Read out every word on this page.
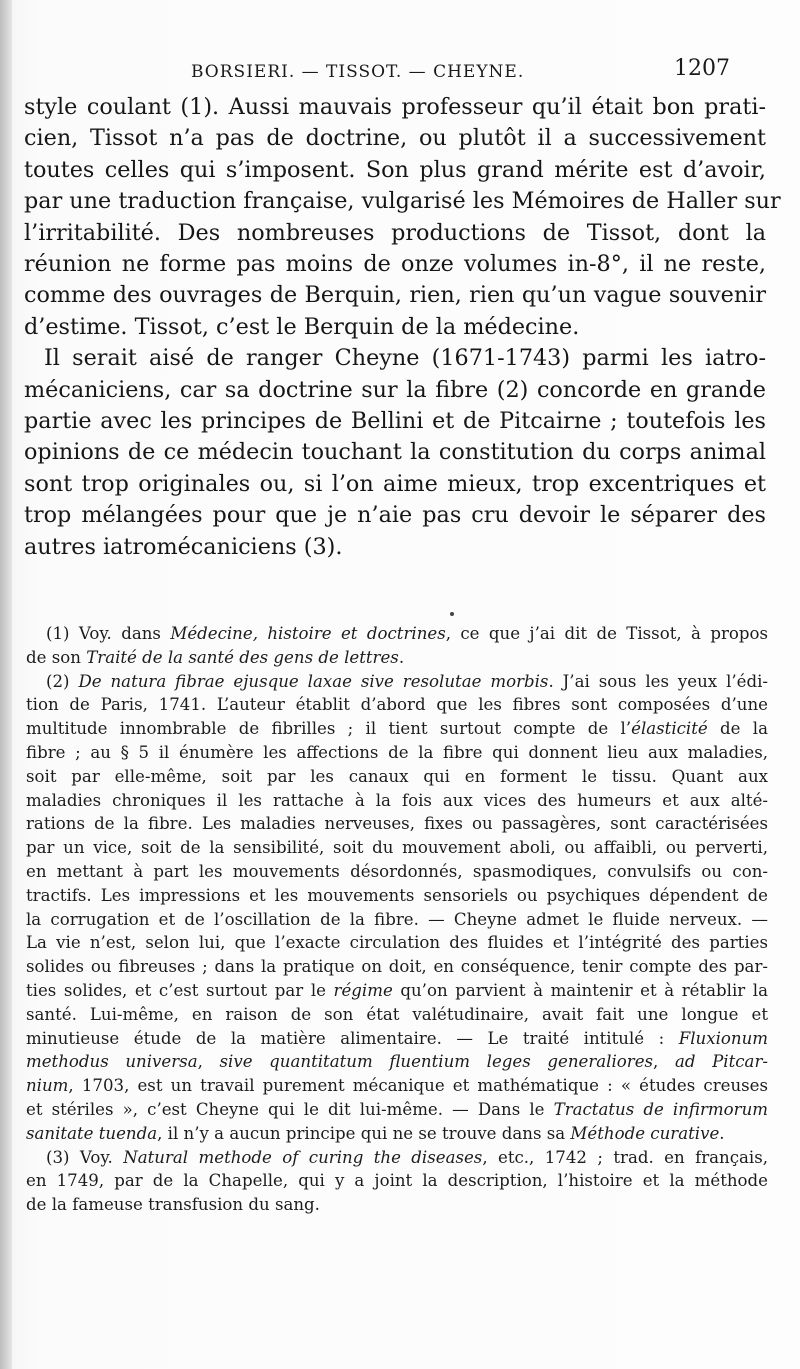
BORSIERI. — TISSOT. — CHEYNE.	1207

style coulant (1). Aussi mauvais professeur qu’il était bon prati-
cien, Tissot n’a pas de doctrine, ou plutôt il a successivement
toutes celles qui s’imposent. Son plus grand mérite est d’avoir,
par une traduction française, vulgarisé les Mémoires de Haller sur
l’irritabilité. Des nombreuses productions de Tissot, dont la
réunion ne forme pas moins de onze volumes in-8°, il ne reste,
comme des ouvrages de Berquin, rien, rien qu’un vague souvenir
d’estime. Tissot, c’est le Berquin de la médecine.

Il serait aisé de ranger Cheyne (1671-1743) parmi les iatro-
mécaniciens, car sa doctrine sur la fibre (2) concorde en grande
partie avec les principes de Bellini et de Pitcairne ; toutefois les
opinions de ce médecin touchant la constitution du corps animal
sont trop originales ou, si l’on aime mieux, trop excentriques et
trop mélangées pour que je n’aie pas cru devoir le séparer des
autres iatromécaniciens (3).

(1) Voy. dans Médecine, histoire et doctrines, ce que j’ai dit de Tissot, à propos
de son Traité de la santé des gens de lettres.

(2) De natura fibrae ejusque laxae sive resolutae morbis. J’ai sous les yeux l’édi-
tion de Paris, 1741. L’auteur établit d’abord que les fibres sont composées d’une
multitude innombrable de fibrilles ; il tient surtout compte de l’élasticité de la
fibre ; au § 5 il énumère les affections de la fibre qui donnent lieu aux maladies,
soit par elle-même, soit par les canaux qui en forment le tissu. Quant aux
maladies chroniques il les rattache à la fois aux vices des humeurs et aux alté-
rations de la fibre. Les maladies nerveuses, fixes ou passagères, sont caractérisées
par un vice, soit de la sensibilité, soit du mouvement aboli, ou affaibli, ou perverti,
en mettant à part les mouvements désordonnés, spasmodiques, convulsifs ou con-
tractifs. Les impressions et les mouvements sensoriels ou psychiques dépendent de
la corrugation et de l’oscillation de la fibre. — Cheyne admet le fluide nerveux. —
La vie n’est, selon lui, que l’exacte circulation des fluides et l’intégrité des parties
solides ou fibreuses ; dans la pratique on doit, en conséquence, tenir compte des par-
ties solides, et c’est surtout par le régime qu’on parvient à maintenir et à rétablir la
santé. Lui-même, en raison de son état valétudinaire, avait fait une longue et
minutieuse étude de la matière alimentaire. — Le traité intitulé : Fluxionum
methodus universa, sive quantitatum fluentium leges generaliores, ad Pitcar-
nium, 1703, est un travail purement mécanique et mathématique : « études creuses
et stériles », c’est Cheyne qui le dit lui-même. — Dans le Tractatus de infirmorum
sanitate tuenda, il n’y a aucun principe qui ne se trouve dans sa Méthode curative.

(3) Voy. Natural methode of curing the diseases, etc., 1742 ; trad. en français,
en 1749, par de la Chapelle, qui y a joint la description, l’histoire et la méthode
de la fameuse transfusion du sang.
